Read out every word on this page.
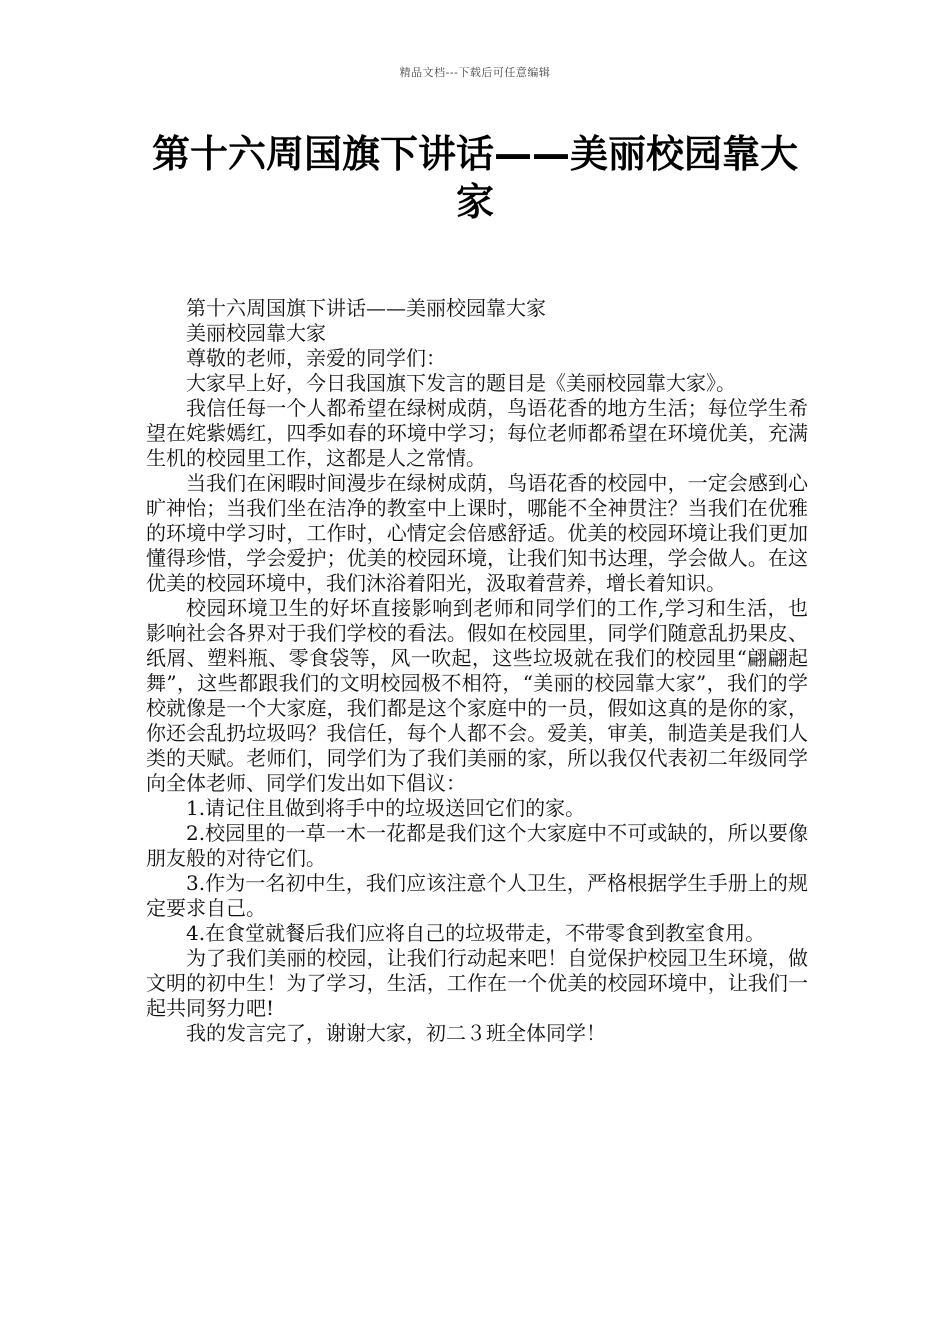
精品文档---下载后可任意编辑
第十六周国旗下讲话——美丽校园靠大家

第十六周国旗下讲话——美丽校园靠大家

美丽校园靠大家

尊敬的老师，亲爱的同学们：

大家早上好，今日我国旗下发言的题目是《美丽校园靠大家》。

我信任每一个人都希望在绿树成荫，鸟语花香的地方生活；每位学生希望在姹紫嫣红，四季如春的环境中学习；每位老师都希望在环境优美，充满生机的校园里工作，这都是人之常情。

当我们在闲暇时间漫步在绿树成荫，鸟语花香的校园中，一定会感到心旷神怡；当我们坐在洁净的教室中上课时，哪能不全神贯注？当我们在优雅的环境中学习时，工作时，心情定会倍感舒适。优美的校园环境让我们更加懂得珍惜，学会爱护；优美的校园环境，让我们知书达理，学会做人。在这优美的校园环境中，我们沐浴着阳光，汲取着营养，增长着知识。

校园环境卫生的好坏直接影响到老师和同学们的工作,学习和生活，也影响社会各界对于我们学校的看法。假如在校园里，同学们随意乱扔果皮、纸屑、塑料瓶、零食袋等，风一吹起，这些垃圾就在我们的校园里“翩翩起舞”，这些都跟我们的文明校园极不相符，“美丽的校园靠大家”，我们的学校就像是一个大家庭，我们都是这个家庭中的一员，假如这真的是你的家，你还会乱扔垃圾吗？我信任，每个人都不会。爱美，审美，制造美是我们人类的天赋。老师们，同学们为了我们美丽的家，所以我仅代表初二年级同学向全体老师、同学们发出如下倡议：

1.请记住且做到将手中的垃圾送回它们的家。

2.校园里的一草一木一花都是我们这个大家庭中不可或缺的，所以要像朋友般的对待它们。

3.作为一名初中生，我们应该注意个人卫生，严格根据学生手册上的规定要求自己。

4.在食堂就餐后我们应将自己的垃圾带走，不带零食到教室食用。

为了我们美丽的校园，让我们行动起来吧！自觉保护校园卫生环境，做文明的初中生！为了学习，生活，工作在一个优美的校园环境中，让我们一起共同努力吧!

我的发言完了，谢谢大家，初二３班全体同学！
